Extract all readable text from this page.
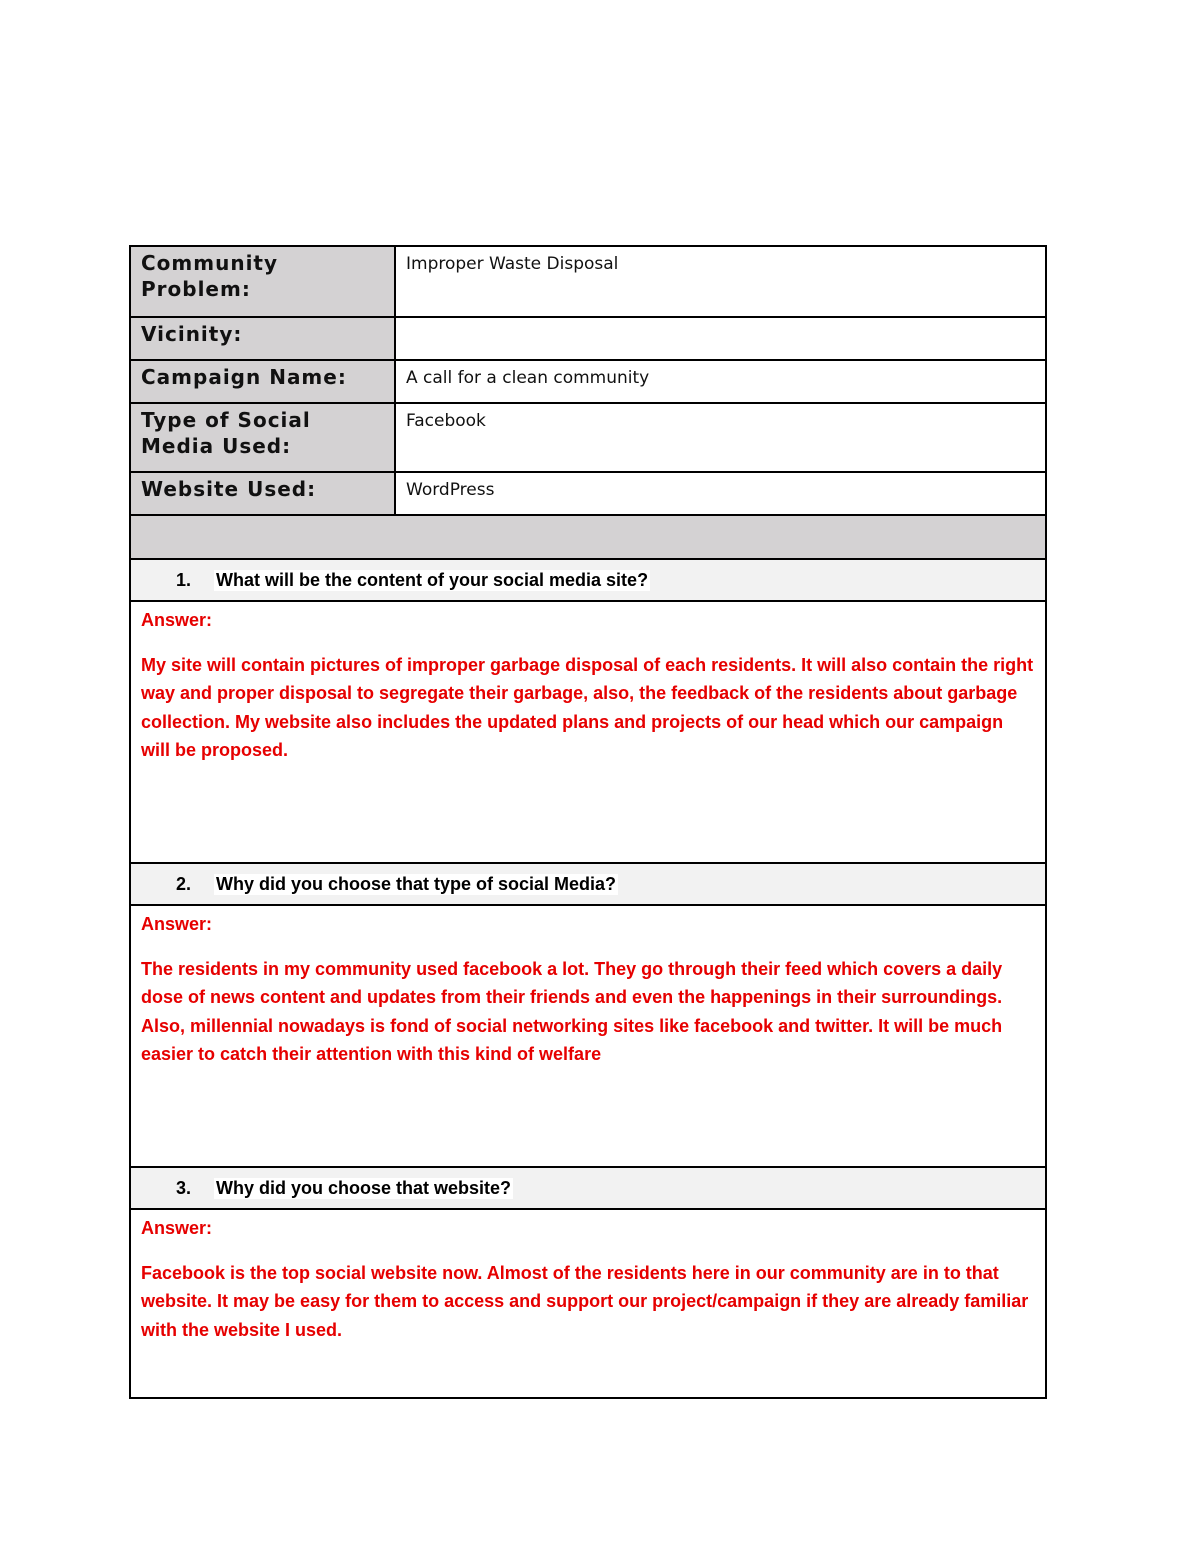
Community Problem:
Improper Waste Disposal
Vicinity:
Campaign Name:	A call for a clean community
Type of Social Media Used:
Facebook
Website Used:	WordPress
1.	What will be the content of your social media site?
Answer:
My site will contain pictures of improper garbage disposal of each residents. It will also contain the right way and proper disposal to segregate their garbage, also, the feedback of the residents about garbage collection. My website also includes the updated plans and projects of our head which our campaign will be proposed.
2.	Why did you choose that type of social Media?
Answer:
The residents in my community used facebook a lot. They go through their feed which covers a daily dose of news content and updates from their friends and even the happenings in their surroundings. Also, millennial nowadays is fond of social networking sites like facebook and twitter. It will be much easier to catch their attention with this kind of welfare
3.	Why did you choose that website?
Answer:
Facebook is the top social website now. Almost of the residents here in our community are in to that website. It may be easy for them to access and support our project/campaign if they are already familiar with the website I used.
